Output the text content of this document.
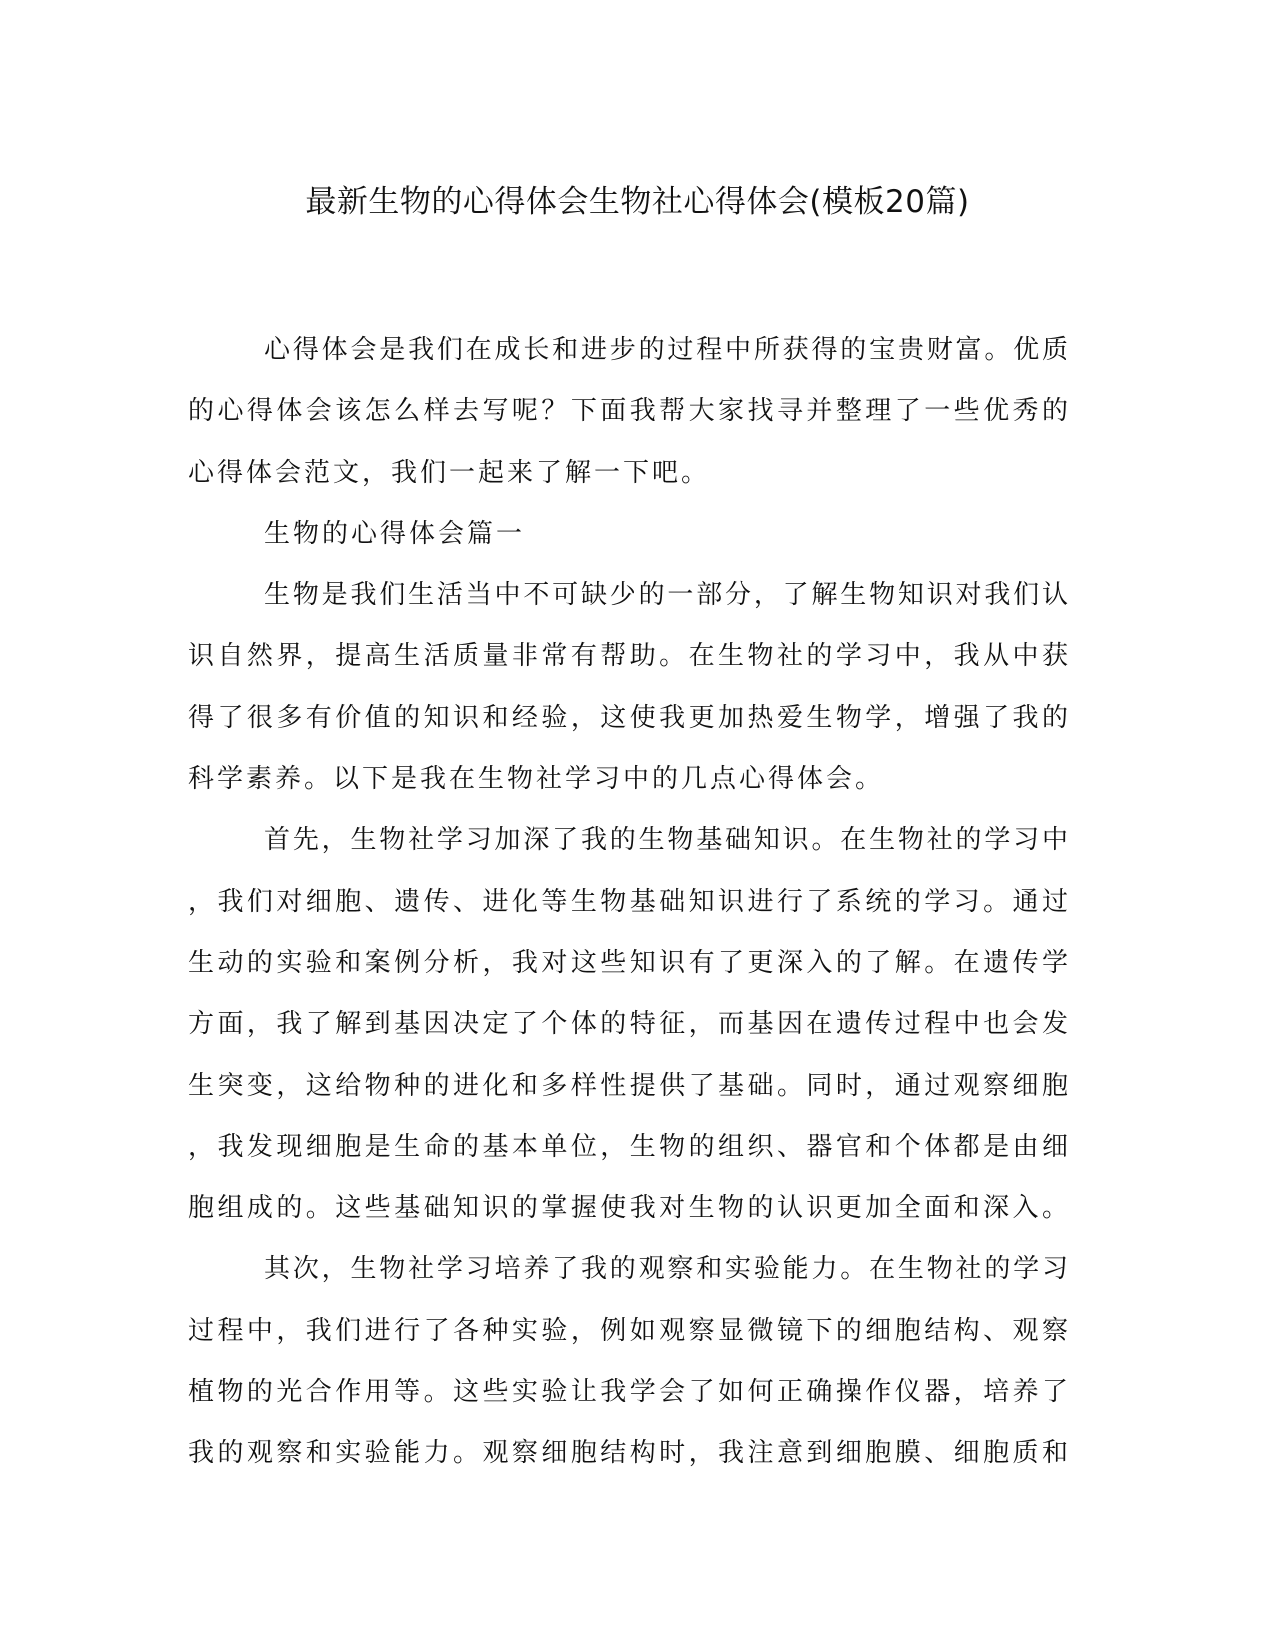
最新生物的心得体会生物社心得体会(模板20篇)

心得体会是我们在成长和进步的过程中所获得的宝贵财富。优质

的心得体会该怎么样去写呢？下面我帮大家找寻并整理了一些优秀的

心得体会范文，我们一起来了解一下吧。

生物的心得体会篇一

生物是我们生活当中不可缺少的一部分，了解生物知识对我们认

识自然界，提高生活质量非常有帮助。在生物社的学习中，我从中获

得了很多有价值的知识和经验，这使我更加热爱生物学，增强了我的

科学素养。以下是我在生物社学习中的几点心得体会。

首先，生物社学习加深了我的生物基础知识。在生物社的学习中

，我们对细胞、遗传、进化等生物基础知识进行了系统的学习。通过

生动的实验和案例分析，我对这些知识有了更深入的了解。在遗传学

方面，我了解到基因决定了个体的特征，而基因在遗传过程中也会发

生突变，这给物种的进化和多样性提供了基础。同时，通过观察细胞

，我发现细胞是生命的基本单位，生物的组织、器官和个体都是由细

胞组成的。这些基础知识的掌握使我对生物的认识更加全面和深入。

其次，生物社学习培养了我的观察和实验能力。在生物社的学习

过程中，我们进行了各种实验，例如观察显微镜下的细胞结构、观察

植物的光合作用等。这些实验让我学会了如何正确操作仪器，培养了

我的观察和实验能力。观察细胞结构时，我注意到细胞膜、细胞质和
